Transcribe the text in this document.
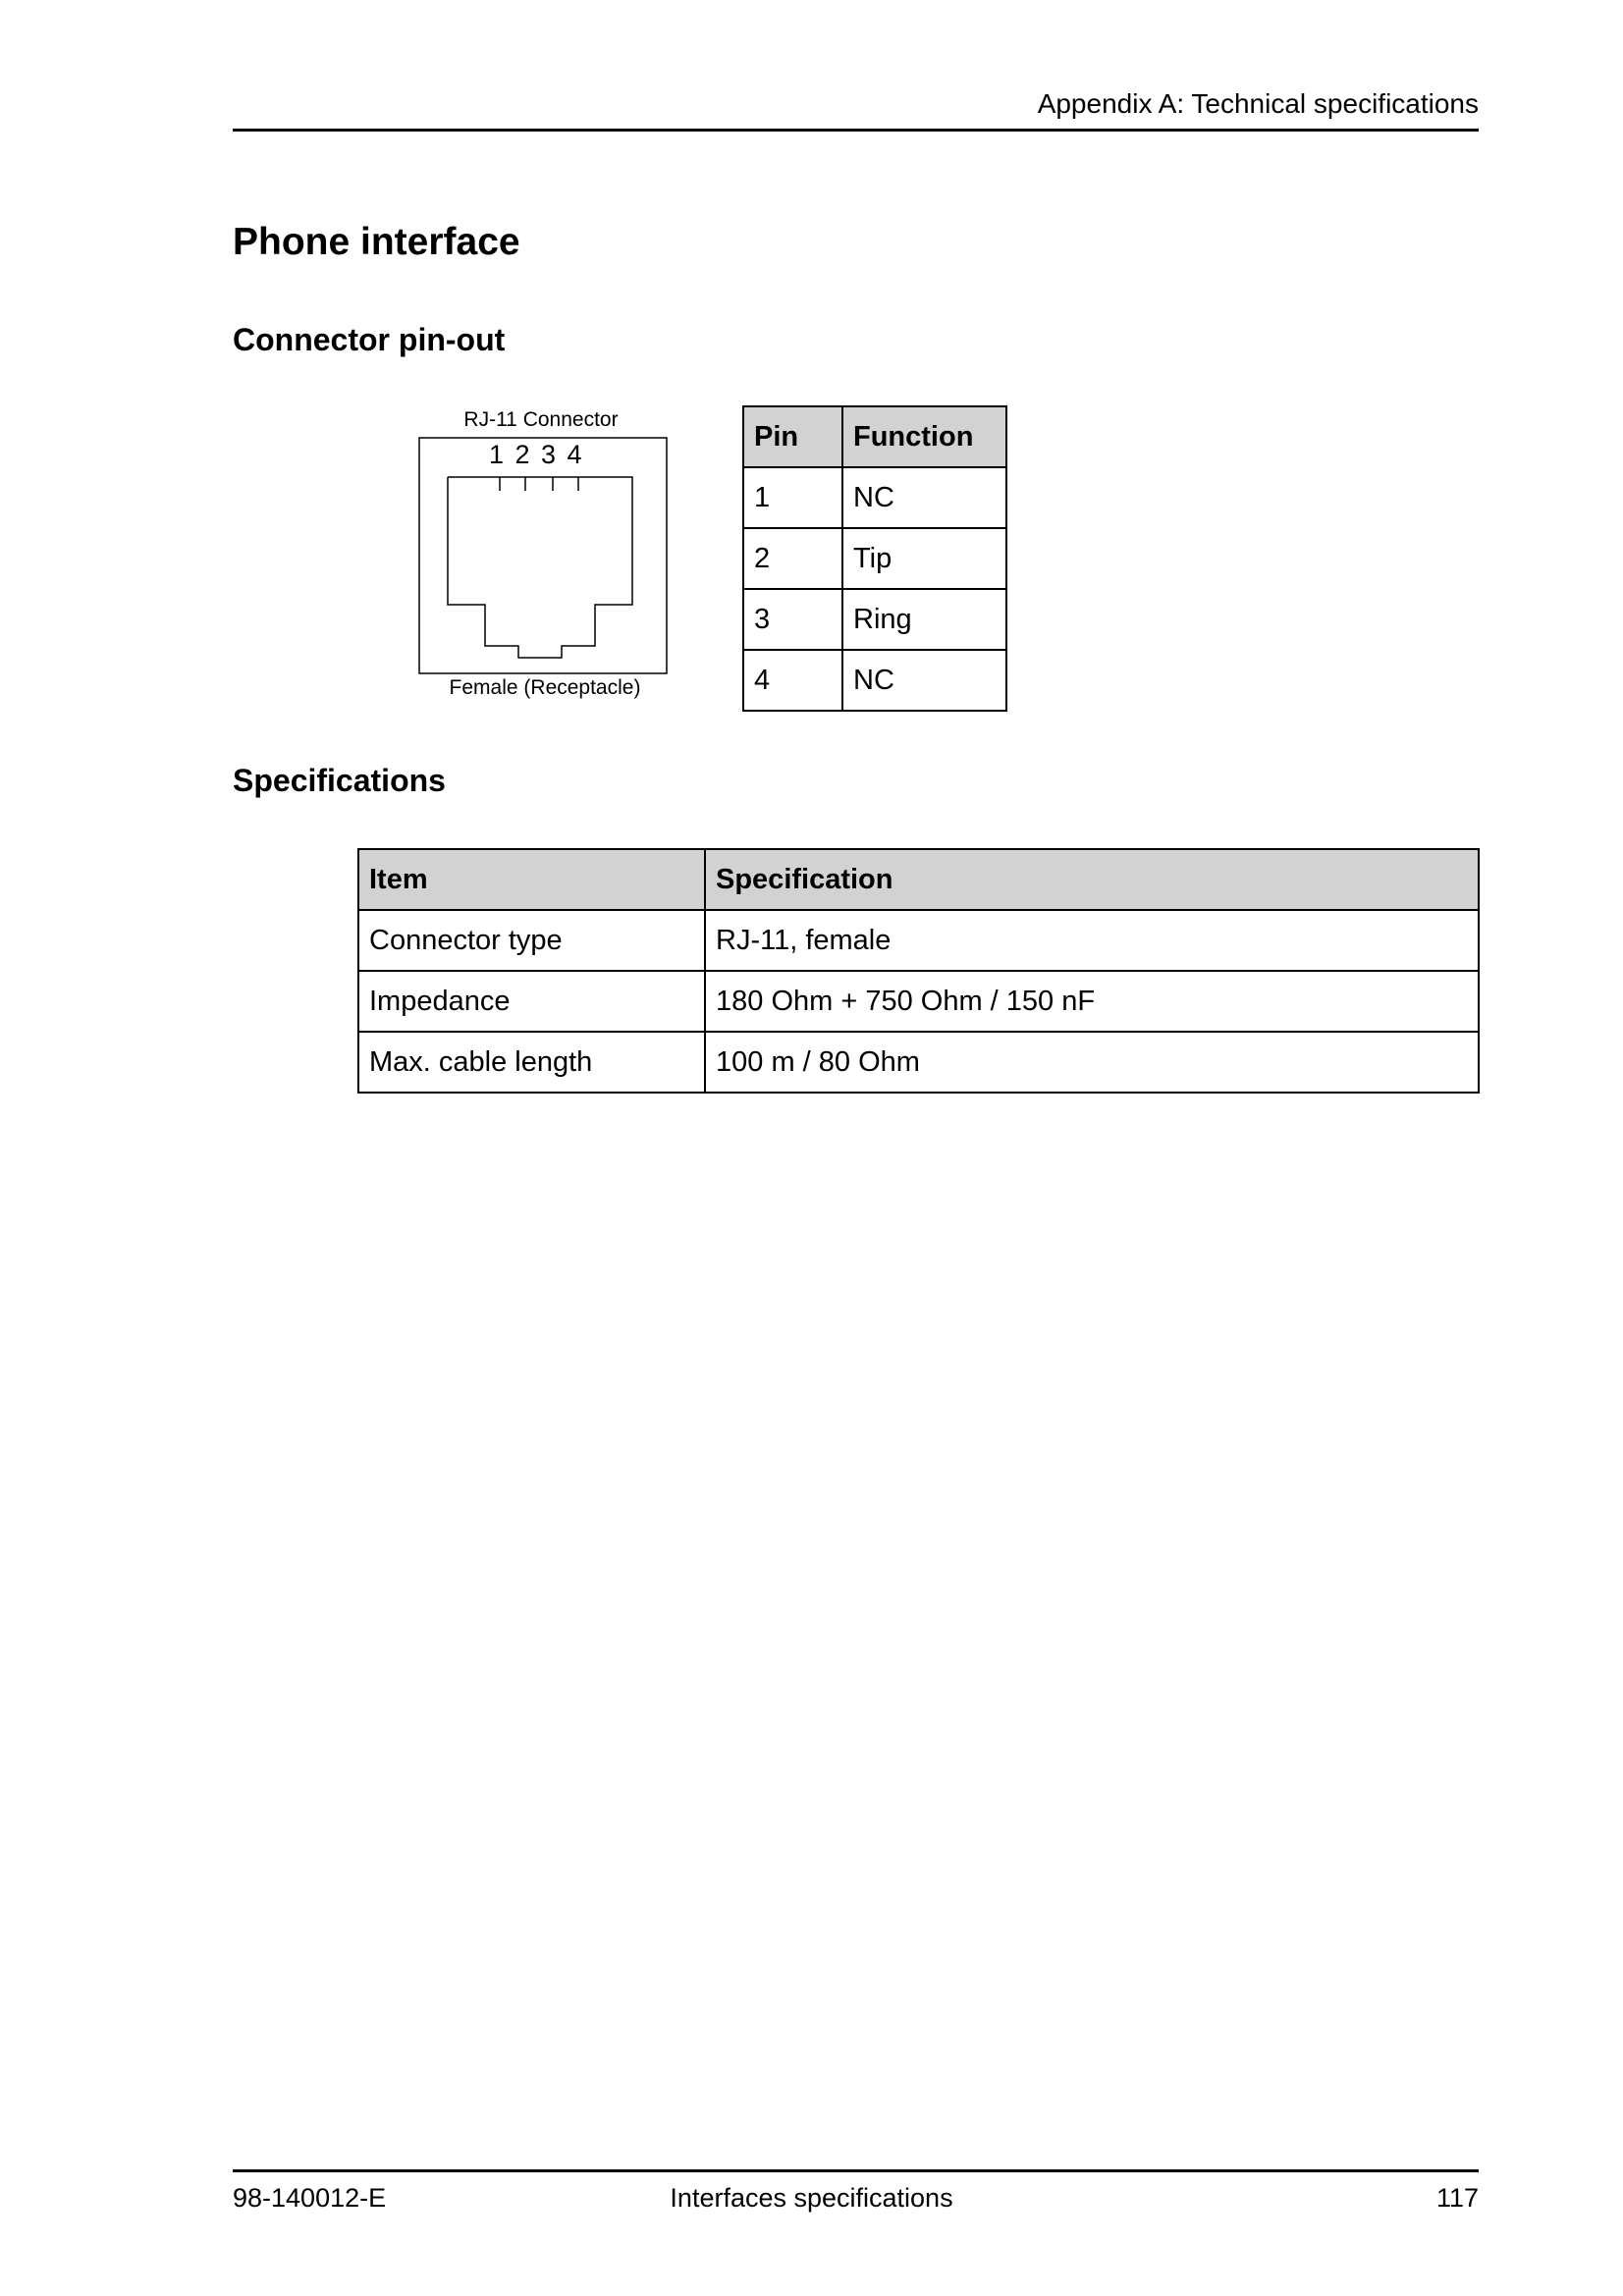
Appendix A: Technical specifications
Phone interface
Connector pin-out
RJ-11 Connector
1 2 3 4
Female (Receptacle)
Pin	Function
1	NC
2	Tip
3	Ring
4	NC
Specifications
Item	Specification
Connector type	RJ-11, female
Impedance	180 Ohm + 750 Ohm / 150 nF
Max. cable length	100 m / 80 Ohm
98-140012-E	Interfaces specifications	117
